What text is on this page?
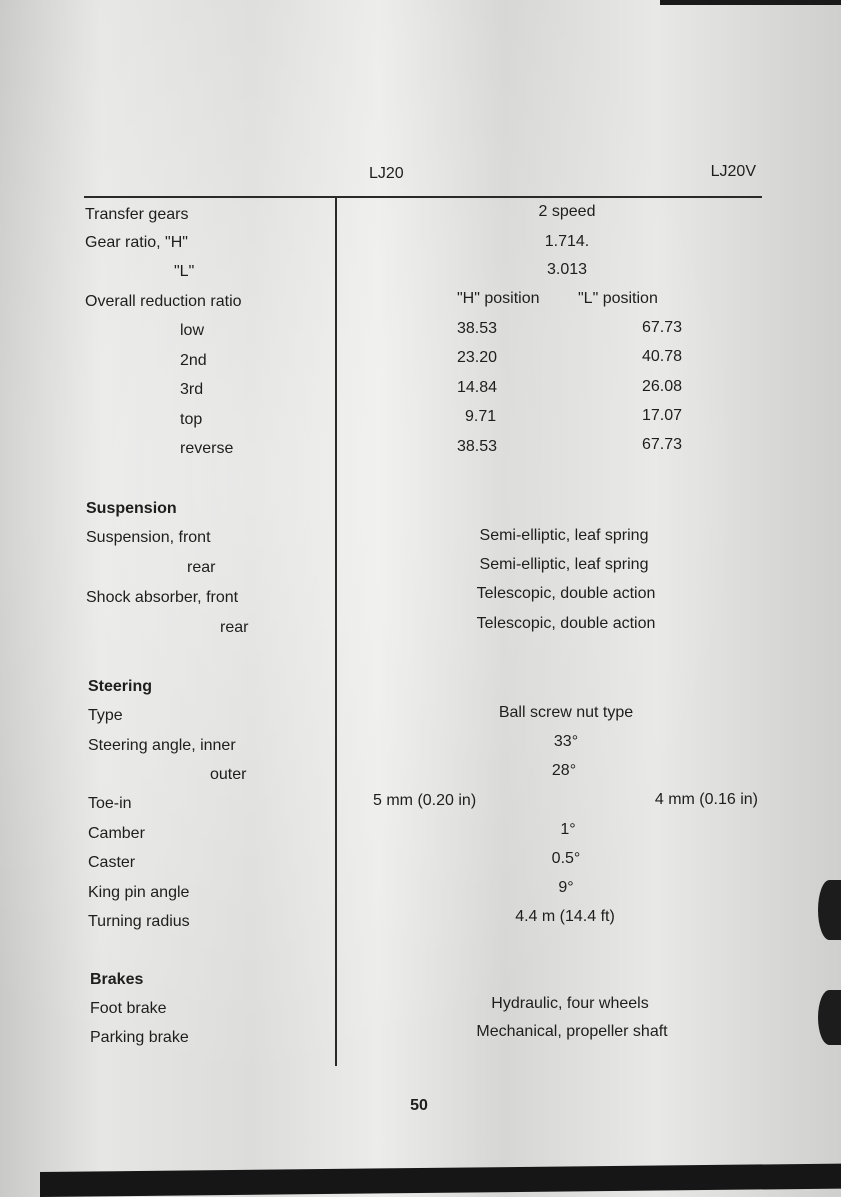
LJ20	LJ20V
Transfer gears	2 speed
Gear ratio, "H"	1.714.
"L"	3.013
Overall reduction ratio	"H" position "L" position
low	38.53	67.73
2nd	23.20	40.78
3rd	14.84	26.08
top	9.71	17.07
reverse	38.53	67.73
Suspension
Suspension, front	Semi-elliptic, leaf spring
rear	Semi-elliptic, leaf spring
Shock absorber, front	Telescopic, double action
rear	Telescopic, double action
Steering
Type	Ball screw nut type
Steering angle, inner	33°
outer	28°
Toe-in	5 mm (0.20 in)	4 mm (0.16 in)
Camber	1°
Caster	0.5°
King pin angle	9°
Turning radius	4.4 m (14.4 ft)
Brakes
Foot brake	Hydraulic, four wheels
Parking brake	Mechanical, propeller shaft
50
